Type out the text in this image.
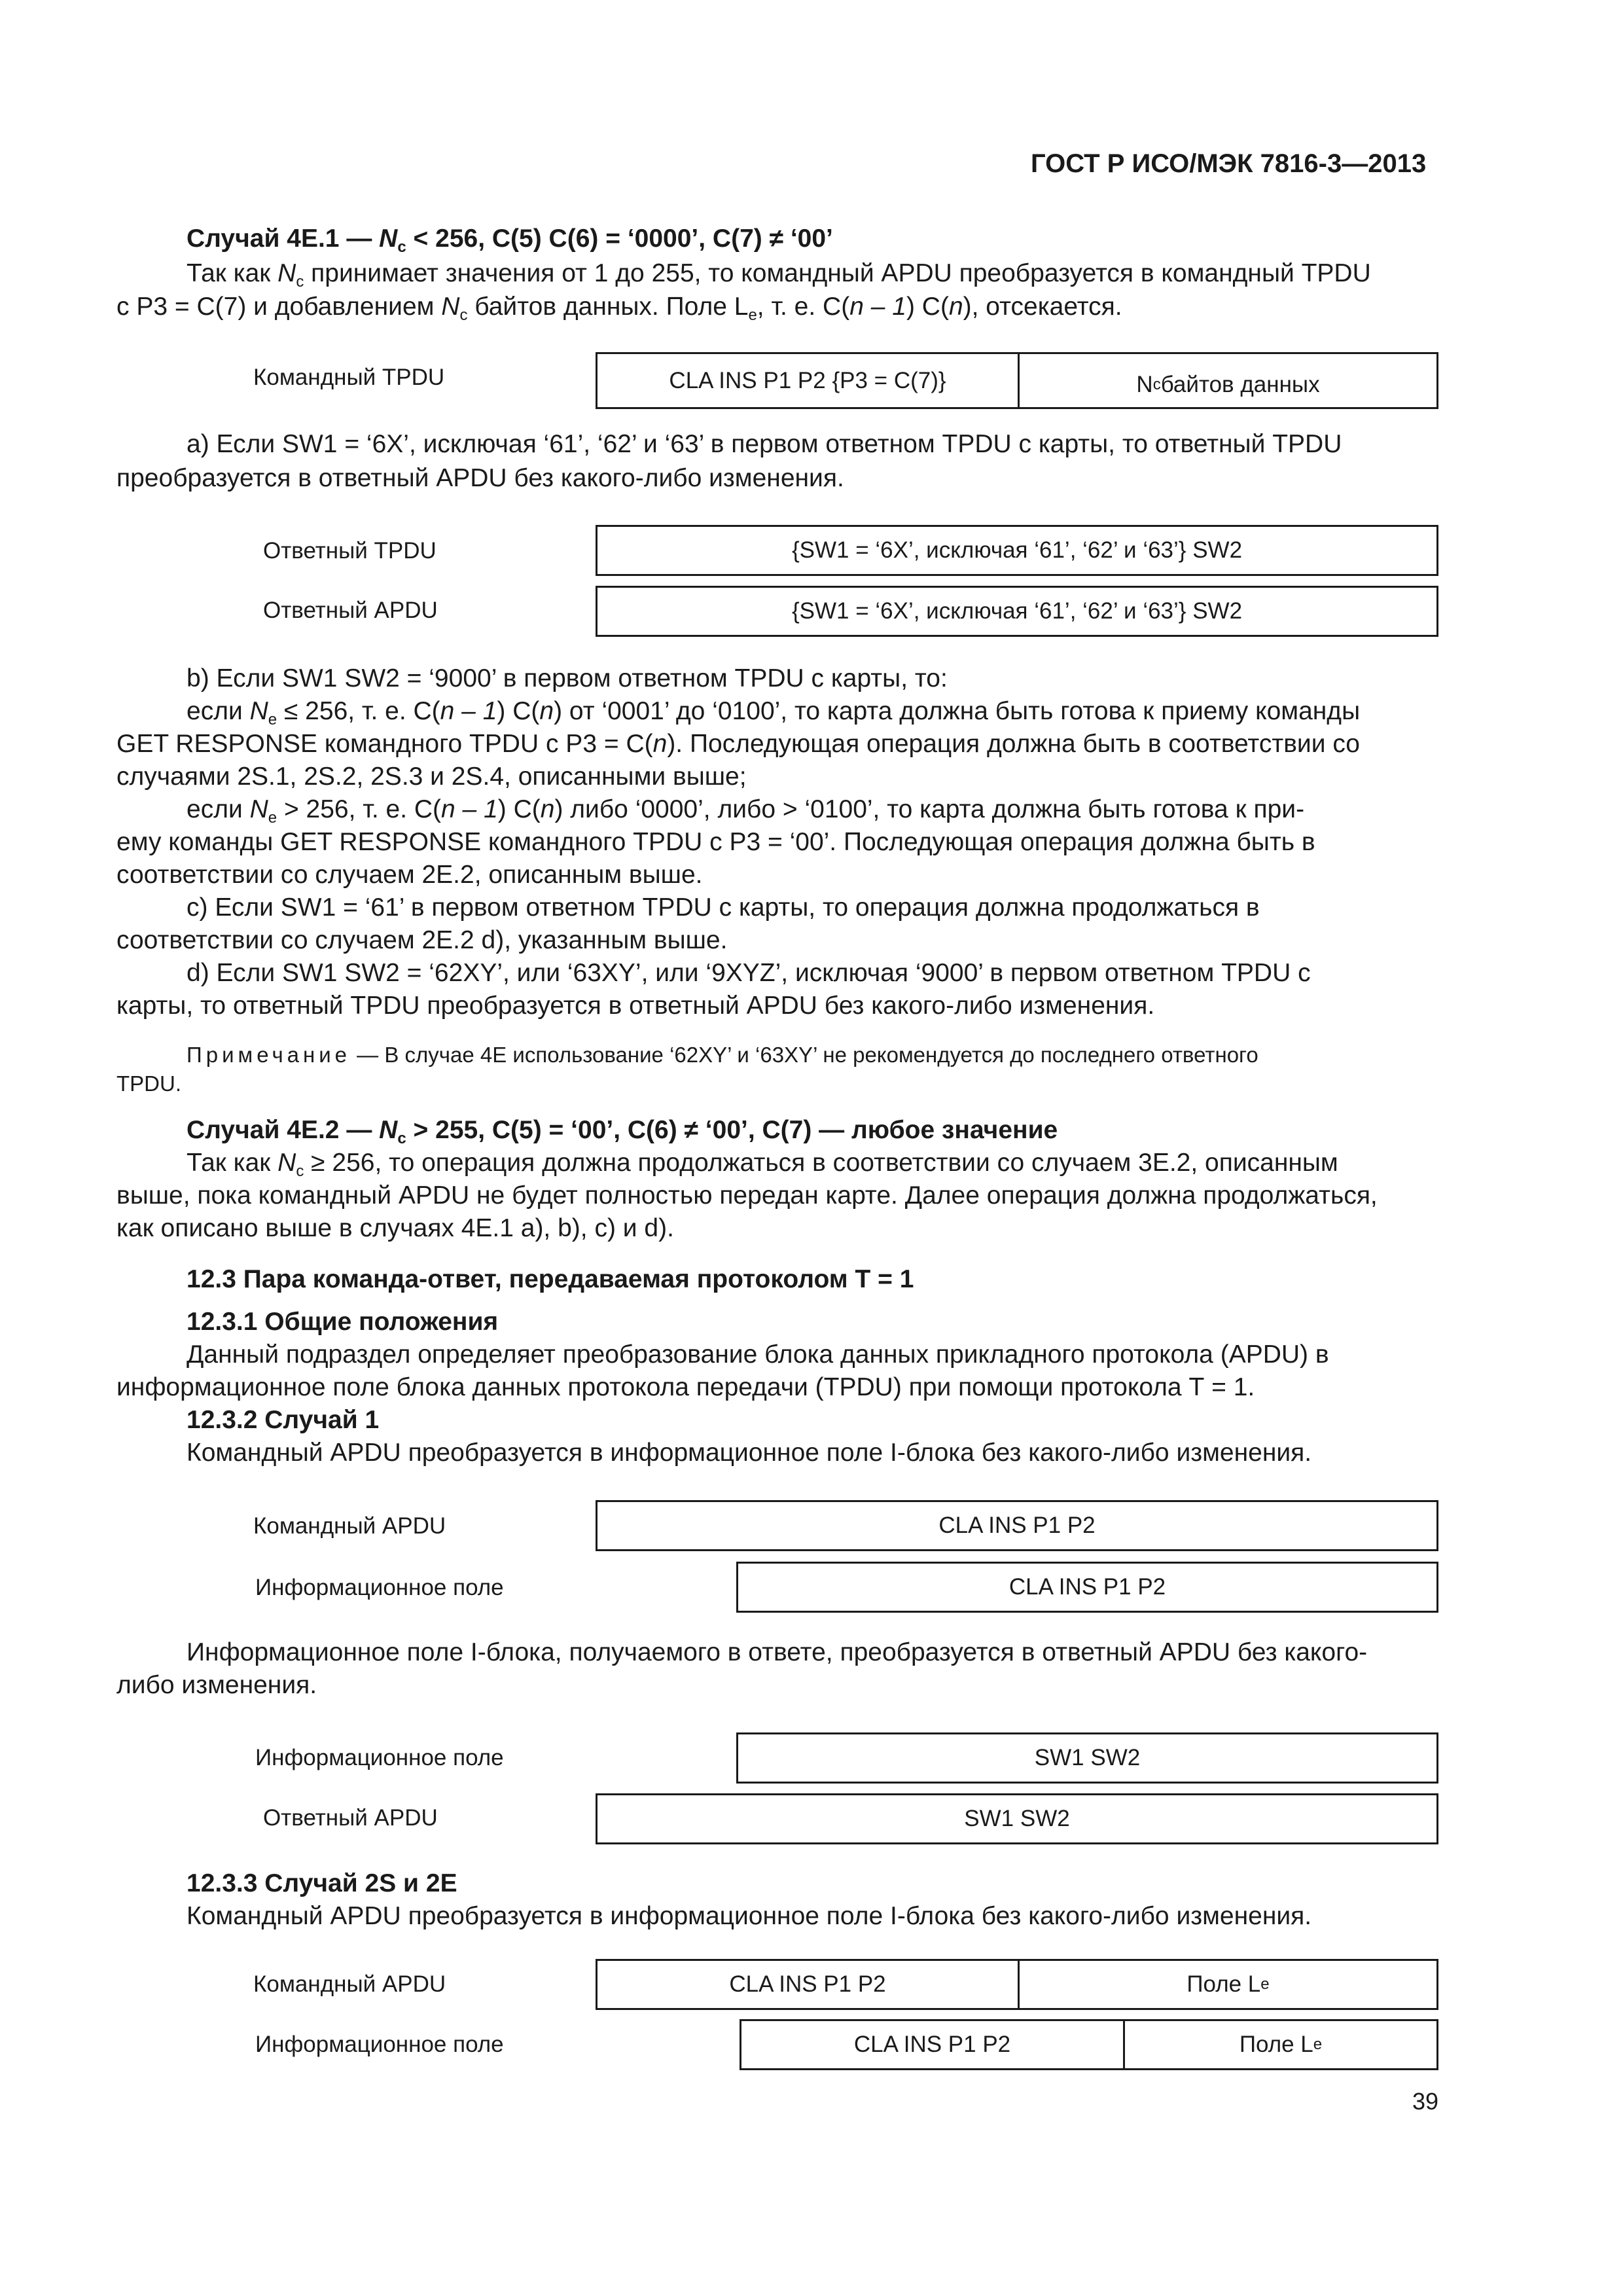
ГОСТ Р ИСО/МЭК 7816-3—2013
Случай 4Е.1 — $N_c < 256$, С(5) С(6) = ‘0000’, С(7) ≠ ‘00’
Так как $N_c$ принимает значения от 1 до 255, то командный APDU преобразуется в командный TPDU
с Р3 = С(7) и добавлением $N_c$ байтов данных. Поле $L_e$, т. е. С(n – 1) С(n), отсекается.
Командный TPDU	CLA INS P1 P2 {P3 = C(7)}	N c байтов данных
а) Если SW1 = ‘6X’, исключая ‘61’, ‘62’ и ‘63’ в первом ответном TPDU с карты, то ответный TPDU
преобразуется в ответный APDU без какого-либо изменения.
Ответный TPDU	{SW1 = ‘6X’, исключая ‘61’, ‘62’ и ‘63’} SW2
Ответный APDU	{SW1 = ‘6X’, исключая ‘61’, ‘62’ и ‘63’} SW2
b) Если SW1 SW2 = ‘9000’ в первом ответном TPDU с карты, то:
если $N_e \le 256$, т. е. С(n – 1) С(n) от ‘0001’ до ‘0100’, то карта должна быть готова к приему команды
GET RESPONSE командного TPDU с Р3 = С(n). Последующая операция должна быть в соответствии со
случаями 2S.1, 2S.2, 2S.3 и 2S.4, описанными выше;
если $N_e > 256$, т. е. С(n – 1) С(n) либо ‘0000’, либо > ‘0100’, то карта должна быть готова к при-
ему команды GET RESPONSE командного TPDU с Р3 = ‘00’. Последующая операция должна быть в
соответствии со случаем 2Е.2, описанным выше.
с) Если SW1 = ‘61’ в первом ответном TPDU с карты, то операция должна продолжаться в
соответствии со случаем 2Е.2 d), указанным выше.
d) Если SW1 SW2 = ‘62XY’, или ‘63XY’, или ‘9XYZ’, исключая ‘9000’ в первом ответном TPDU с
карты, то ответный TPDU преобразуется в ответный APDU без какого-либо изменения.
Примечание — В случае 4Е использование ‘62XY’ и ‘63XY’ не рекомендуется до последнего ответного
TPDU.
Случай 4Е.2 — $N_c > 255$, С(5) = ‘00’, С(6) ≠ ‘00’, С(7) — любое значение
Так как $N_c \ge 256$, то операция должна продолжаться в соответствии со случаем 3Е.2, описанным
выше, пока командный APDU не будет полностью передан карте. Далее операция должна продолжаться,
как описано выше в случаях 4Е.1 а), b), с) и d).
12.3 Пара команда-ответ, передаваемая протоколом Т = 1
12.3.1 Общие положения
Данный подраздел определяет преобразование блока данных прикладного протокола (APDU) в
информационное поле блока данных протокола передачи (TPDU) при помощи протокола Т = 1.
12.3.2 Случай 1
Командный APDU преобразуется в информационное поле I-блока без какого-либо изменения.
Командный APDU	CLA INS P1 P2
Информационное поле	CLA INS P1 P2
Информационное поле I-блока, получаемого в ответе, преобразуется в ответный APDU без какого-
либо изменения.
Информационное поле	SW1 SW2
Ответный APDU	SW1 SW2
12.3.3 Случай 2S и 2Е
Командный APDU преобразуется в информационное поле I-блока без какого-либо изменения.
Командный APDU	CLA INS P1 P2	Поле L e
Информационное поле	CLA INS P1 P2	Поле L e
39
